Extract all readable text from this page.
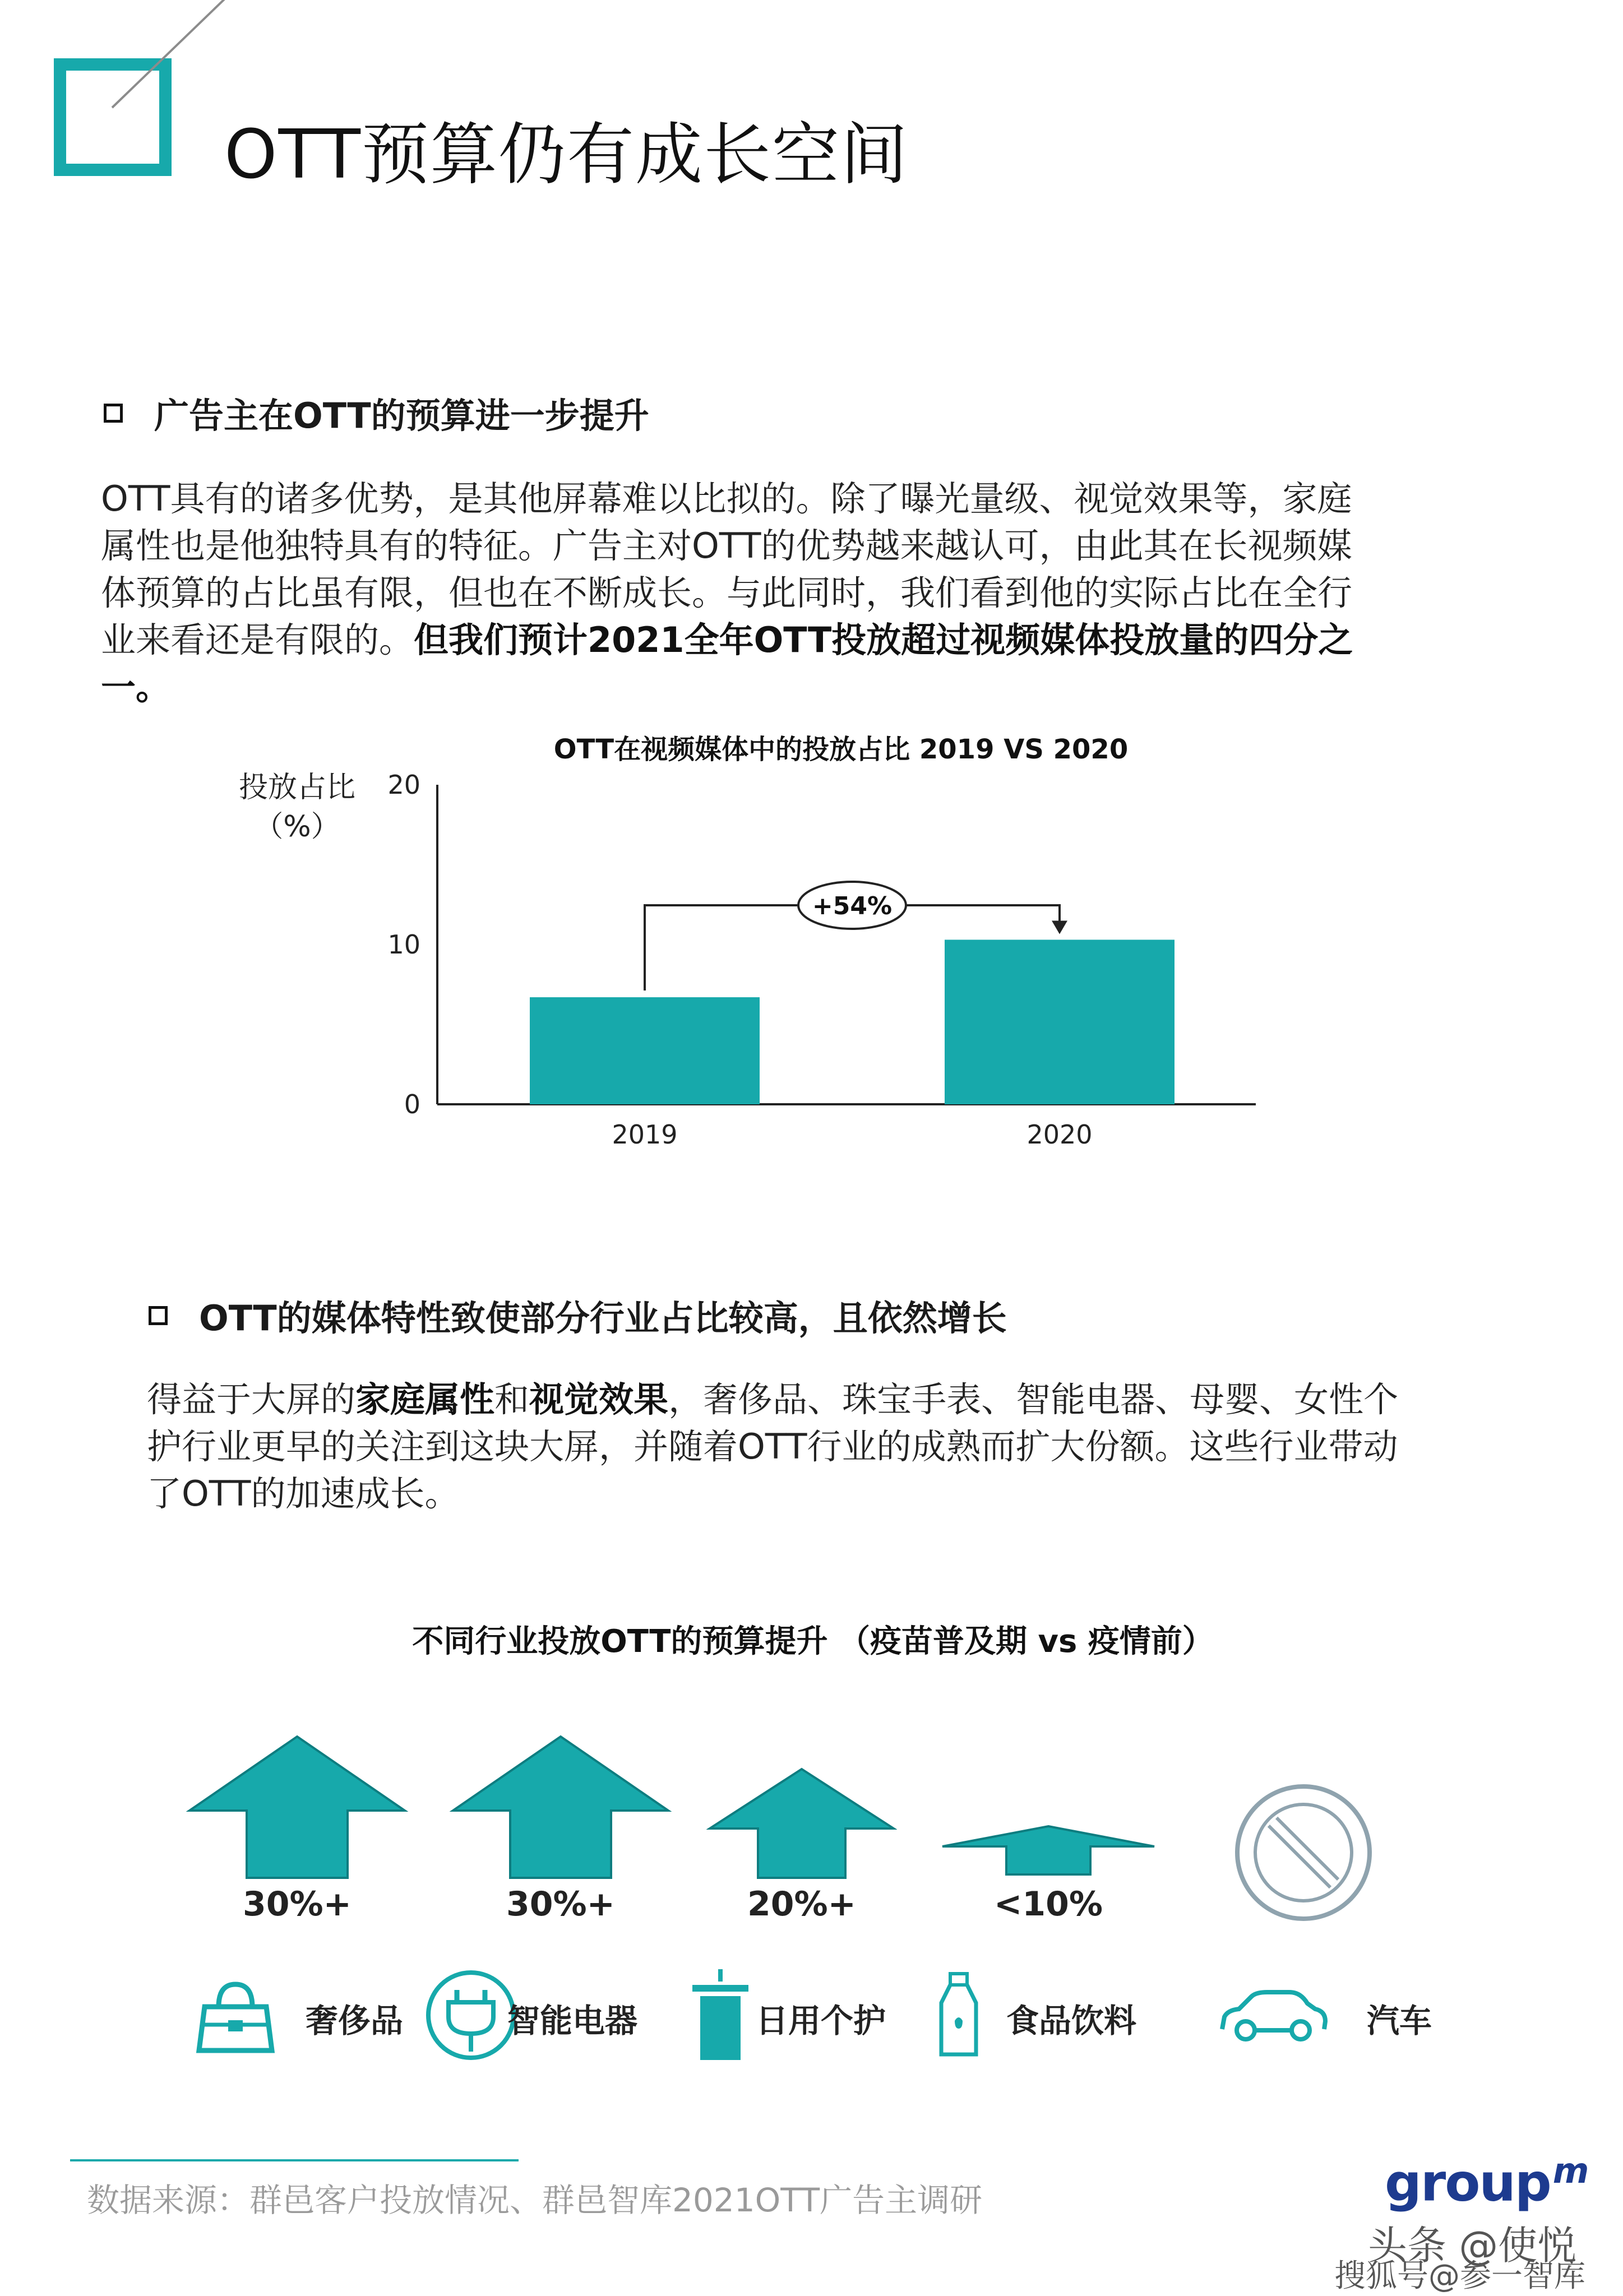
OTT预算仍有成长空间
广告主在OTT的预算进一步提升

OTT具有的诸多优势，是其他屏幕难以比拟的。除了曝光量级、视觉效果等，家庭

属性也是他独特具有的特征。广告主对OTT的优势越来越认可，由此其在长视频媒

体预算的占比虽有限，但也在不断成长。与此同时，我们看到他的实际占比在全行

业来看还是有限的。但我们预计2021全年OTT投放超过视频媒体投放量的四分之

一。

OTT在视频媒体中的投放占比 2019 VS 2020
投放占比
（%）
20
10
0
2019	2020
+54%
OTT的媒体特性致使部分行业占比较高，且依然增长

得益于大屏的家庭属性和视觉效果，奢侈品、珠宝手表、智能电器、母婴、女性个

护行业更早的关注到这块大屏，并随着OTT行业的成熟而扩大份额。这些行业带动

了OTT的加速成长。

不同行业投放OTT的预算提升 （疫苗普及期 vs 疫情前）
30%+	30%+	20%+	<10%
奢侈品	智能电器	日用个护	食品饮料	汽车
数据来源：群邑客户投放情况、群邑智库2021OTT广告主调研	group$^m$
头条 @使悦
搜狐号@参一智库
